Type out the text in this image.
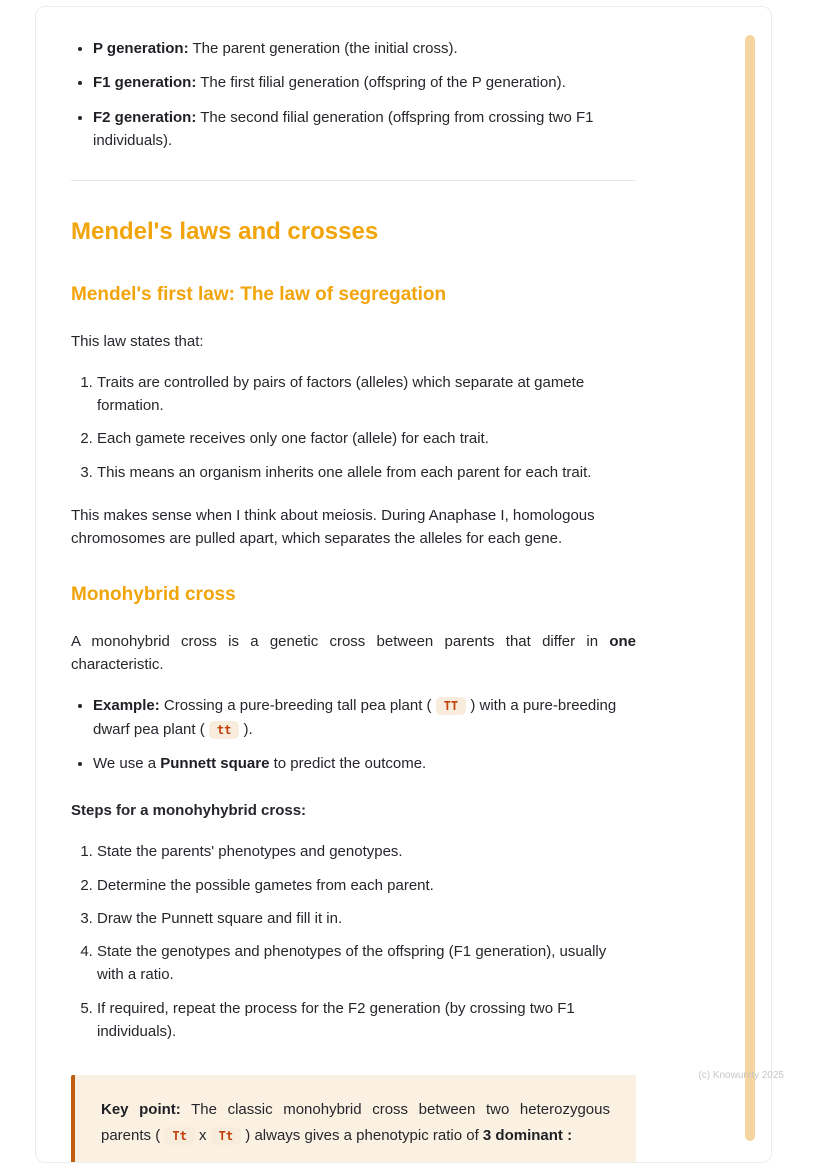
• P generation: The parent generation (the initial cross).
• F1 generation: The first filial generation (offspring of the P generation).
• F2 generation: The second filial generation (offspring from crossing two F1 individuals).
Mendel's laws and crosses
Mendel's first law: The law of segregation

This law states that:

1. Traits are controlled by pairs of factors (alleles) which separate at gamete formation.
2. Each gamete receives only one factor (allele) for each trait.
3. This means an organism inherits one allele from each parent for each trait.

This makes sense when I think about meiosis. During Anaphase I, homologous chromosomes are pulled apart, which separates the alleles for each gene.

Monohybrid cross

A monohybrid cross is a genetic cross between parents that differ in one characteristic.

• Example: Crossing a pure-breeding tall pea plant ( TT ) with a pure-breeding dwarf pea plant ( tt ).
• We use a Punnett square to predict the outcome.

Steps for a monohyhybrid cross:

1. State the parents' phenotypes and genotypes.
2. Determine the possible gametes from each parent.
3. Draw the Punnett square and fill it in.
4. State the genotypes and phenotypes of the offspring (F1 generation), usually with a ratio.
5. If required, repeat the process for the F2 generation (by crossing two F1 individuals).

Key point: The classic monohybrid cross between two heterozygous parents ( Tt x Tt ) always gives a phenotypic ratio of 3 dominant :

(c) Knowunity 2025
